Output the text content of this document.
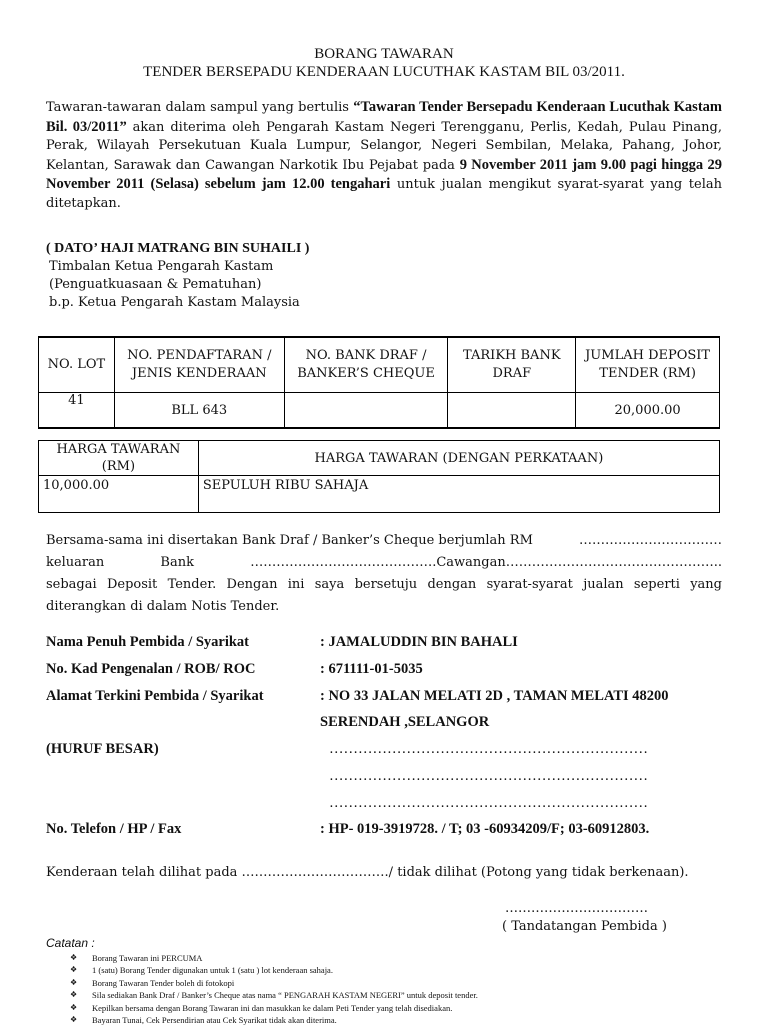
BORANG TAWARAN
TENDER BERSEPADU KENDERAAN LUCUTHAK KASTAM BIL 03/2011.
Tawaran-tawaran dalam sampul yang bertulis “Tawaran Tender Bersepadu Kenderaan Lucuthak Kastam Bil. 03/2011” akan diterima oleh Pengarah Kastam Negeri Terengganu, Perlis, Kedah, Pulau Pinang, Perak, Wilayah Persekutuan Kuala Lumpur, Selangor, Negeri Sembilan, Melaka, Pahang, Johor, Kelantan, Sarawak dan Cawangan Narkotik Ibu Pejabat pada 9 November 2011 jam 9.00 pagi hingga 29 November 2011 (Selasa) sebelum jam 12.00 tengahari untuk jualan mengikut syarat-syarat yang telah ditetapkan.
( DATO’ HAJI MATRANG BIN SUHAILI )
Timbalan Ketua Pengarah Kastam
(Penguatkuasaan & Pematuhan)
b.p. Ketua Pengarah Kastam Malaysia
NO. LOT	NO. PENDAFTARAN / JENIS KENDERAAN	NO. BANK DRAF / BANKER’S CHEQUE	TARIKH BANK DRAF	JUMLAH DEPOSIT TENDER (RM)
41	BLL 643			20,000.00
HARGA TAWARAN (RM)	HARGA TAWARAN (DENGAN PERKATAAN)
10,000.00	SEPULUH RIBU SAHAJA
Bersama-sama ini disertakan Bank Draf / Banker’s Cheque berjumlah RM	……………………………
keluaran	Bank	…………………………………….Cawangan…………………………………………..
sebagai Deposit Tender. Dengan ini saya bersetuju dengan syarat-syarat jualan seperti yang diterangkan di dalam Notis Tender.
Nama Penuh Pembida / Syarikat	: JAMALUDDIN BIN BAHALI
No. Kad Pengenalan / ROB/ ROC	: 671111-01-5035
Alamat Terkini Pembida / Syarikat	: NO 33 JALAN MELATI 2D , TAMAN MELATI 48200
SERENDAH ,SELANGOR
(HURUF BESAR)	…………………………………………………………
…………………………………………………………
…………………………………………………………
No. Telefon / HP / Fax	: HP- 019-3919728. / T; 03 -60934209/F; 03-60912803.
Kenderaan telah dilihat pada ……………………………./ tidak dilihat (Potong yang tidak berkenaan).
……………………………
( Tandatangan Pembida )
Catatan :
❖ Borang Tawaran ini PERCUMA
❖ 1 (satu) Borang Tender digunakan untuk 1 (satu ) lot kenderaan sahaja.
❖ Borang Tawaran Tender boleh di fotokopi
❖ Sila sediakan Bank Draf / Banker’s Cheque atas nama “ PENGARAH KASTAM NEGERI” untuk deposit tender.
❖ Kepilkan bersama dengan Borang Tawaran ini dan masukkan ke dalam Peti Tender yang telah disediakan.
❖ Bayaran Tunai, Cek Persendirian atau Cek Syarikat tidak akan diterima.
